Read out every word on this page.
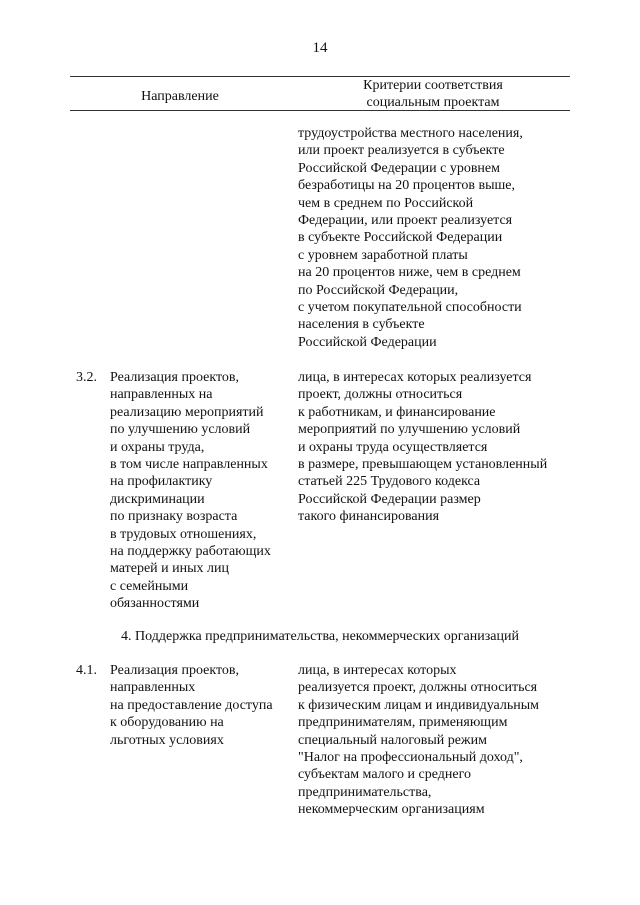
14
Направление
Критерии соответствия
социальным проектам
трудоустройства местного населения,
или проект реализуется в субъекте
Российской Федерации с уровнем
безработицы на 20 процентов выше,
чем в среднем по Российской
Федерации, или проект реализуется
в субъекте Российской Федерации
с уровнем заработной платы
на 20 процентов ниже, чем в среднем
по Российской Федерации,
с учетом покупательной способности
населения в субъекте
Российской Федерации
3.2. Реализация проектов,
направленных на
реализацию мероприятий
по улучшению условий
и охраны труда,
в том числе направленных
на профилактику
дискриминации
по признаку возраста
в трудовых отношениях,
на поддержку работающих
матерей и иных лиц
с семейными
обязанностями
лица, в интересах которых реализуется
проект, должны относиться
к работникам, и финансирование
мероприятий по улучшению условий
и охраны труда осуществляется
в размере, превышающем установленный
статьей 225 Трудового кодекса
Российской Федерации размер
такого финансирования
4. Поддержка предпринимательства, некоммерческих организаций
4.1. Реализация проектов,
направленных
на предоставление доступа
к оборудованию на
льготных условиях
лица, в интересах которых
реализуется проект, должны относиться
к физическим лицам и индивидуальным
предпринимателям, применяющим
специальный налоговый режим
"Налог на профессиональный доход",
субъектам малого и среднего
предпринимательства,
некоммерческим организациям
